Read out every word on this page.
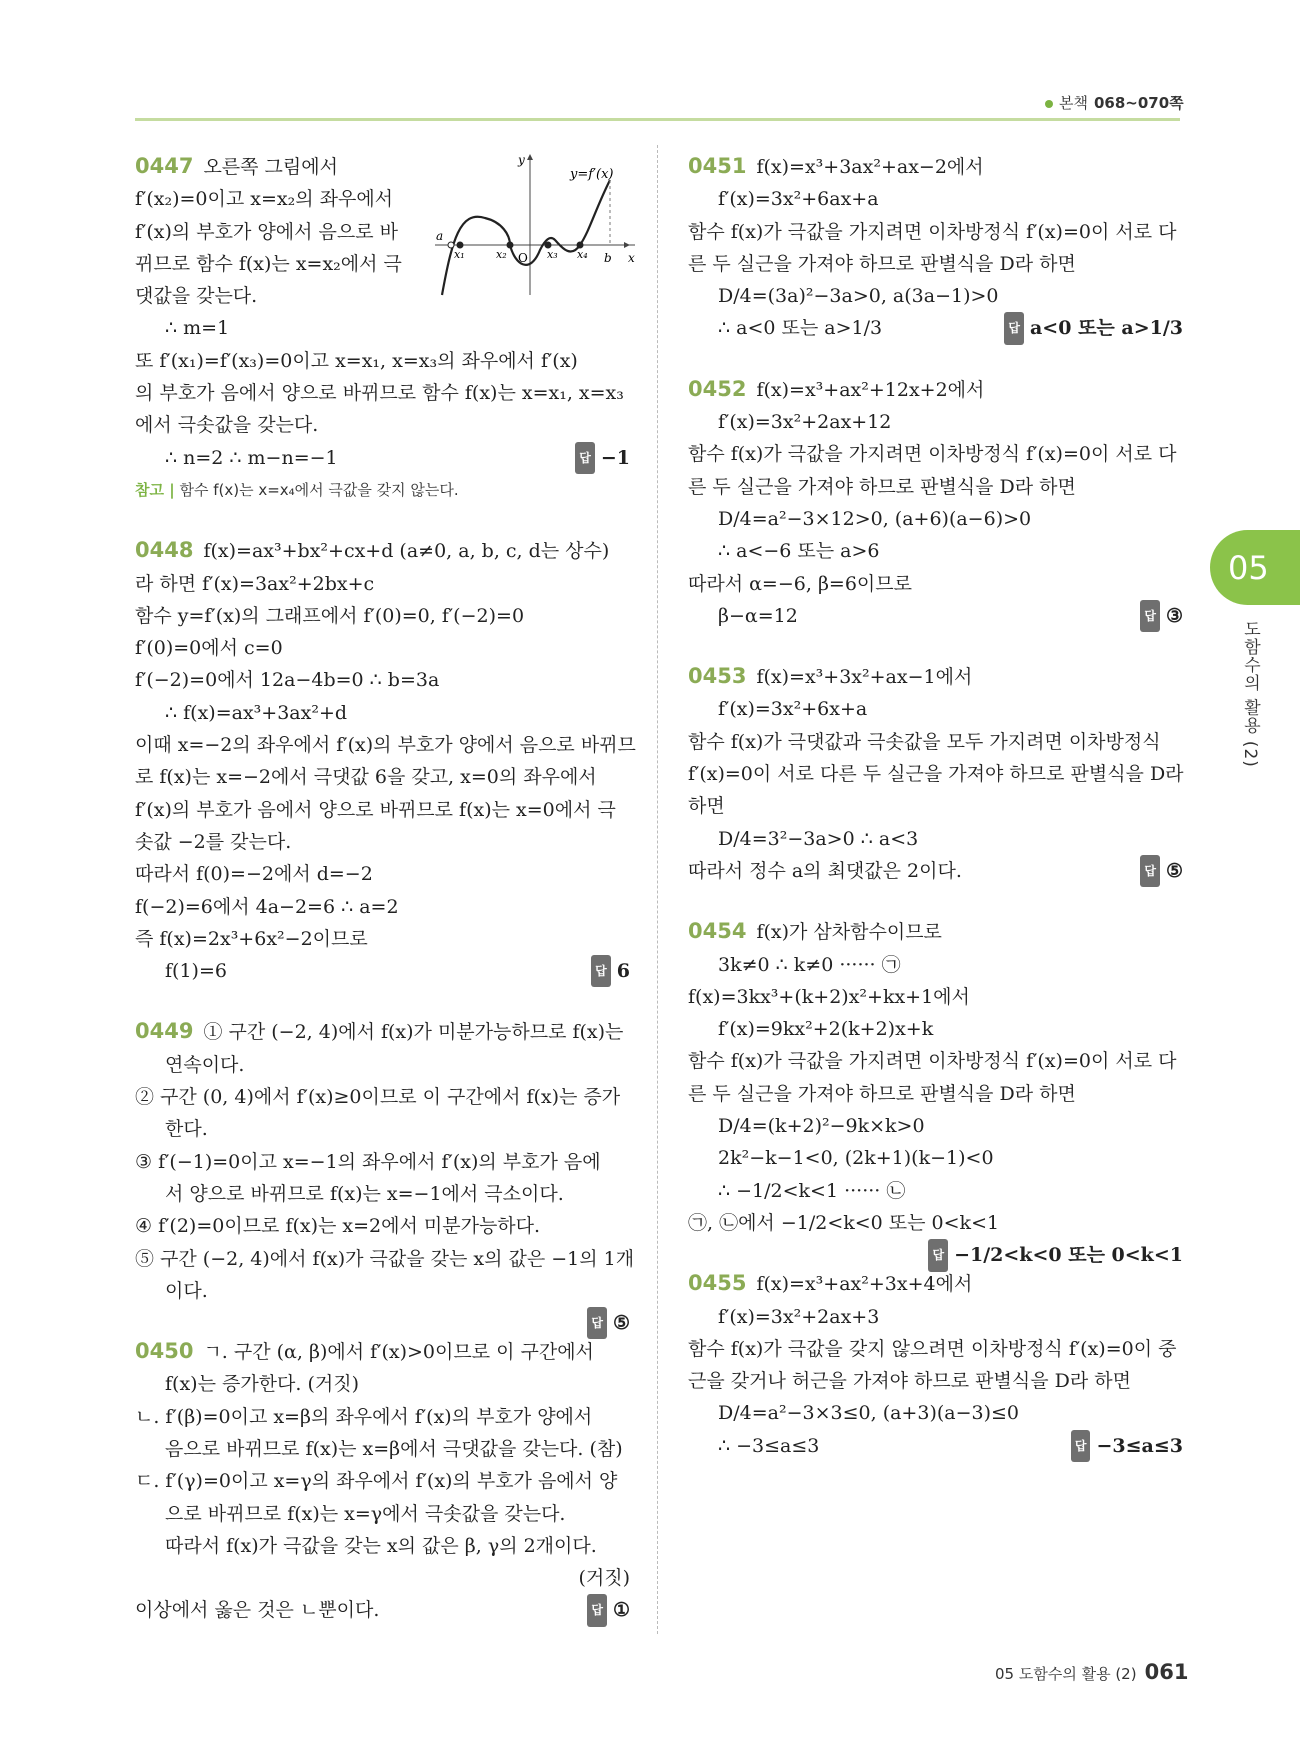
본책 068~070쪽
0447 오른쪽 그림에서
f′(x₂)=0이고 x=x₂의 좌우에서
f′(x)의 부호가 양에서 음으로 바
뀌므로 함수 f(x)는 x=x₂에서 극
댓값을 갖는다.
∴ m=1
또 f′(x₁)=f′(x₃)=0이고 x=x₁, x=x₃의 좌우에서 f′(x)
의 부호가 음에서 양으로 바뀌므로 함수 f(x)는 x=x₁, x=x₃
에서 극솟값을 갖는다.
답 −1
∴ n=2 ∴ m−n=−1
참고 | 함수 f(x)는 x=x₄에서 극값을 갖지 않는다.
0448 f(x)=ax³+bx²+cx+d (a≠0, a, b, c, d는 상수)
라 하면 f′(x)=3ax²+2bx+c
함수 y=f′(x)의 그래프에서 f′(0)=0, f′(−2)=0
f′(0)=0에서 c=0
f′(−2)=0에서 12a−4b=0 ∴ b=3a
∴ f(x)=ax³+3ax²+d
이때 x=−2의 좌우에서 f′(x)의 부호가 양에서 음으로 바뀌므
로 f(x)는 x=−2에서 극댓값 6을 갖고, x=0의 좌우에서
f′(x)의 부호가 음에서 양으로 바뀌므로 f(x)는 x=0에서 극
솟값 −2를 갖는다.
따라서 f(0)=−2에서 d=−2
f(−2)=6에서 4a−2=6 ∴ a=2
즉 f(x)=2x³+6x²−2이므로
답 6
f(1)=6
0449 ① 구간 (−2, 4)에서 f(x)가 미분가능하므로 f(x)는
연속이다.
② 구간 (0, 4)에서 f′(x)≥0이므로 이 구간에서 f(x)는 증가
한다.
③ f′(−1)=0이고 x=−1의 좌우에서 f′(x)의 부호가 음에
서 양으로 바뀌므로 f(x)는 x=−1에서 극소이다.
④ f′(2)=0이므로 f(x)는 x=2에서 미분가능하다.
⑤ 구간 (−2, 4)에서 f(x)가 극값을 갖는 x의 값은 −1의 1개
이다.
답 ⑤
0450 ㄱ. 구간 (α, β)에서 f′(x)>0이므로 이 구간에서
f(x)는 증가한다. (거짓)
ㄴ. f′(β)=0이고 x=β의 좌우에서 f′(x)의 부호가 양에서
음으로 바뀌므로 f(x)는 x=β에서 극댓값을 갖는다. (참)
ㄷ. f′(γ)=0이고 x=γ의 좌우에서 f′(x)의 부호가 음에서 양
으로 바뀌므로 f(x)는 x=γ에서 극솟값을 갖는다.
따라서 f(x)가 극값을 갖는 x의 값은 β, γ의 2개이다.
(거짓)
답 ①
이상에서 옳은 것은 ㄴ뿐이다.
0451 f(x)=x³+3ax²+ax−2에서
f′(x)=3x²+6ax+a
함수 f(x)가 극값을 가지려면 이차방정식 f′(x)=0이 서로 다
른 두 실근을 가져야 하므로 판별식을 D라 하면
D/4=(3a)²−3a>0, a(3a−1)>0
답 a<0 또는 a>1/3
∴ a<0 또는 a>1/3
0452 f(x)=x³+ax²+12x+2에서
f′(x)=3x²+2ax+12
함수 f(x)가 극값을 가지려면 이차방정식 f′(x)=0이 서로 다
른 두 실근을 가져야 하므로 판별식을 D라 하면
D/4=a²−3×12>0, (a+6)(a−6)>0
∴ a<−6 또는 a>6
따라서 α=−6, β=6이므로
답 ③
β−α=12
0453 f(x)=x³+3x²+ax−1에서
f′(x)=3x²+6x+a
함수 f(x)가 극댓값과 극솟값을 모두 가지려면 이차방정식
f′(x)=0이 서로 다른 두 실근을 가져야 하므로 판별식을 D라
하면
D/4=3²−3a>0 ∴ a<3
답 ⑤
따라서 정수 a의 최댓값은 2이다.
0454 f(x)가 삼차함수이므로
3k≠0 ∴ k≠0 ······ ㉠
f(x)=3kx³+(k+2)x²+kx+1에서
f′(x)=9kx²+2(k+2)x+k
함수 f(x)가 극값을 가지려면 이차방정식 f′(x)=0이 서로 다
른 두 실근을 가져야 하므로 판별식을 D라 하면
D/4=(k+2)²−9k×k>0
2k²−k−1<0, (2k+1)(k−1)<0
∴ −1/2<k<1 ······ ㉡
㉠, ㉡에서 −1/2<k<0 또는 0<k<1
답 −1/2<k<0 또는 0<k<1
0455 f(x)=x³+ax²+3x+4에서
f′(x)=3x²+2ax+3
함수 f(x)가 극값을 갖지 않으려면 이차방정식 f′(x)=0이 중
근을 갖거나 허근을 가져야 하므로 판별식을 D라 하면
D/4=a²−3×3≤0, (a+3)(a−3)≤0
답 −3≤a≤3
∴ −3≤a≤3
y=f′(x)
y
x
a
b
O
x₁	x₂	x₃ x₄
05
도함수의 활용 (2)
05 도함수의 활용 (2) 061
